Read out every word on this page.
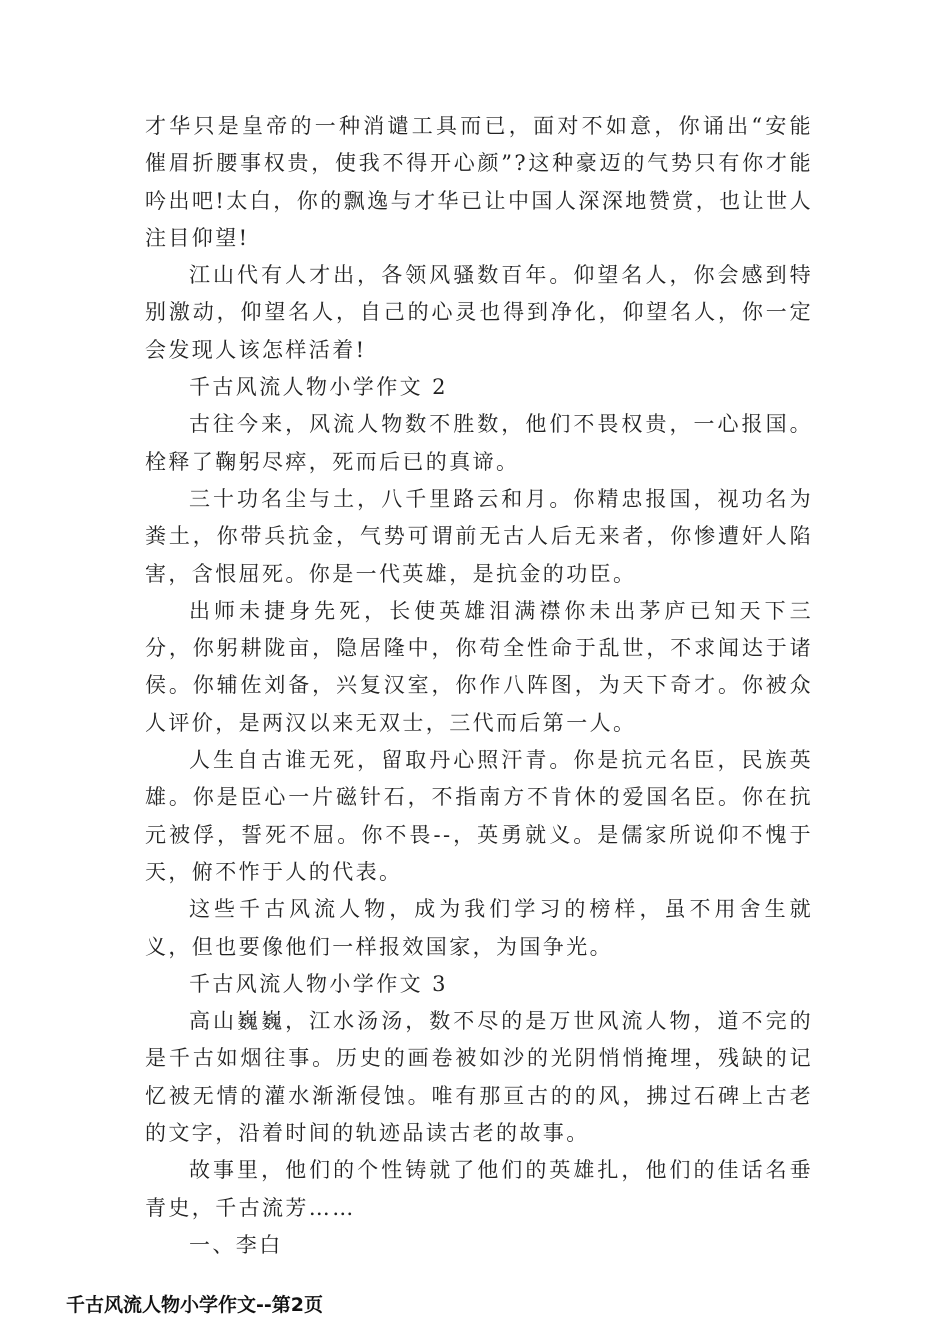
才华只是皇帝的一种消谴工具而已，面对不如意，你诵出“安能催眉折腰事权贵，使我不得开心颜”?这种豪迈的气势只有你才能吟出吧!太白，你的飘逸与才华已让中国人深深地赞赏，也让世人注目仰望!

江山代有人才出，各领风骚数百年。仰望名人，你会感到特别激动，仰望名人，自己的心灵也得到净化，仰望名人，你一定会发现人该怎样活着!

千古风流人物小学作文 2

古往今来，风流人物数不胜数，他们不畏权贵，一心报国。栓释了鞠躬尽瘁，死而后已的真谛。

三十功名尘与土，八千里路云和月。你精忠报国，视功名为粪土，你带兵抗金，气势可谓前无古人后无来者，你惨遭奸人陷害，含恨屈死。你是一代英雄，是抗金的功臣。

出师未捷身先死，长使英雄泪满襟你未出茅庐已知天下三分，你躬耕陇亩，隐居隆中，你苟全性命于乱世，不求闻达于诸侯。你辅佐刘备，兴复汉室，你作八阵图，为天下奇才。你被众人评价，是两汉以来无双士，三代而后第一人。

人生自古谁无死，留取丹心照汗青。你是抗元名臣，民族英雄。你是臣心一片磁针石，不指南方不肯休的爱国名臣。你在抗元被俘，誓死不屈。你不畏--，英勇就义。是儒家所说仰不愧于天，俯不怍于人的代表。

这些千古风流人物，成为我们学习的榜样，虽不用舍生就义，但也要像他们一样报效国家，为国争光。

千古风流人物小学作文 3

高山巍巍，江水汤汤，数不尽的是万世风流人物，道不完的是千古如烟往事。历史的画卷被如沙的光阴悄悄掩埋，残缺的记忆被无情的灌水渐渐侵蚀。唯有那亘古的的风，拂过石碑上古老的文字，沿着时间的轨迹品读古老的故事。

故事里，他们的个性铸就了他们的英雄扎，他们的佳话名垂青史，千古流芳……

一、李白

千古风流人物小学作文--第2页
